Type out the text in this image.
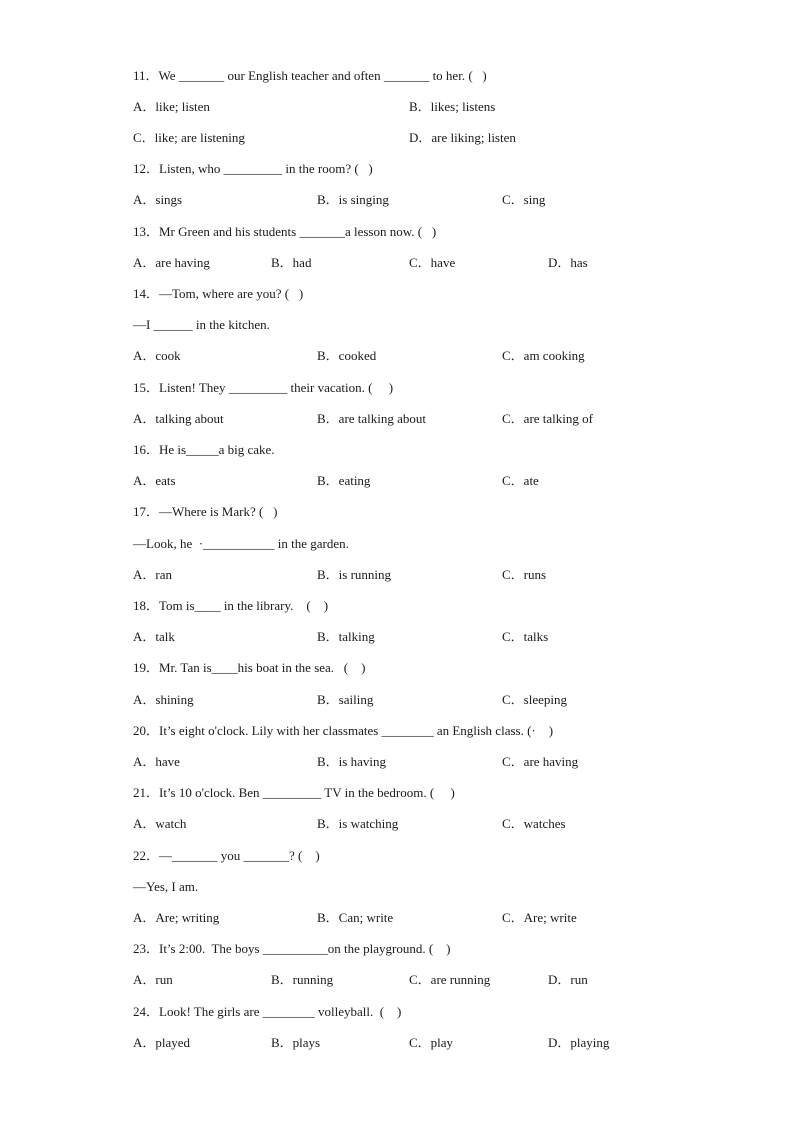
11．We _______ our English teacher and often _______ to her. (   )
A．like; listen	B．likes; listens
C．like; are listening	D．are liking; listen
12．Listen, who _________ in the room? (   )
A．sings	B．is singing	C．sing
13．Mr Green and his students _______a lesson now. (   )
A．are having	B．had	C．have	D．has
14．—Tom, where are you? (   )
—I ______ in the kitchen.
A．cook	B．cooked	C．am cooking
15．Listen! They _________ their vacation. (     )
A．talking about	B．are talking about	C．are talking of
16．He is_____a big cake.
A．eats	B．eating	C．ate
17．—Where is Mark? (   )
—Look, he  ·___________ in the garden.
A．ran	B．is running	C．runs
18．Tom is____ in the library.    (    )
A．talk	B．talking	C．talks
19．Mr. Tan is____his boat in the sea.   (    )
A．shining	B．sailing	C．sleeping
20．It’s eight o'clock. Lily with her classmates ________ an English class. (·    )
A．have	B．is having	C．are having
21．It’s 10 o'clock. Ben _________ TV in the bedroom. (     )
A．watch	B．is watching	C．watches
22．—_______ you _______? (    )
—Yes, I am.
A．Are; writing	B．Can; write	C．Are; write
23．It’s 2:00.  The boys __________on the playground. (    )
A．run	B．running	C．are running	D．run
24．Look! The girls are ________ volleyball.  (    )
A．played	B．plays	C．play	D．playing
